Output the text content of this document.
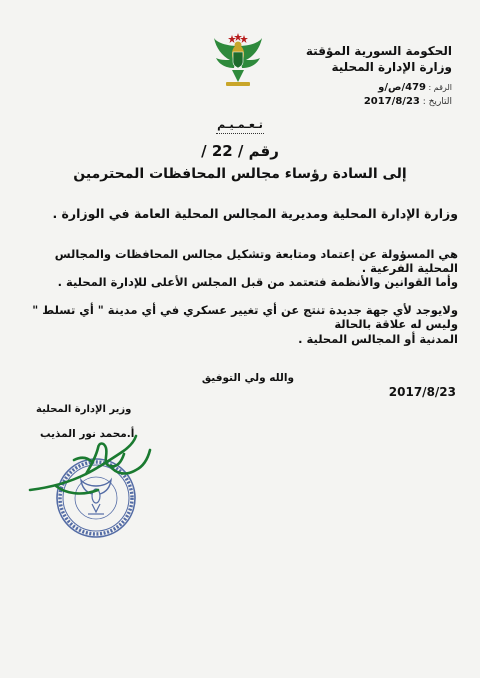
الحكومة السورية المؤقتة
وزارة الإدارة المحلية
الرقم : 479/ص/و
التاريخ : 2017/8/23
تـعـمـيـم
رقم / 22 /
إلى السادة رؤساء مجالس المحافظات المحترمين
وزارة الإدارة المحلية ومديرية المجالس المحلية العامة في الوزارة .
هي المسؤولة عن إعتماد ومتابعة وتشكيل مجالس المحافظات والمجالس المحلية الفرعية .
وأما القوانين والأنظمة فتعتمد من قبل المجلس الأعلى للإدارة المحلية .
ولايوجد لأي جهة جديدة تنتج عن أي تغيير عسكري في أي مدينة " أي تسلط " وليس له علاقة بالحالة
المدنية أو المجالس المحلية .
والله ولي التوفيق
2017/8/23
وزير الإدارة المحلية
أ.محمد نور المذيب
